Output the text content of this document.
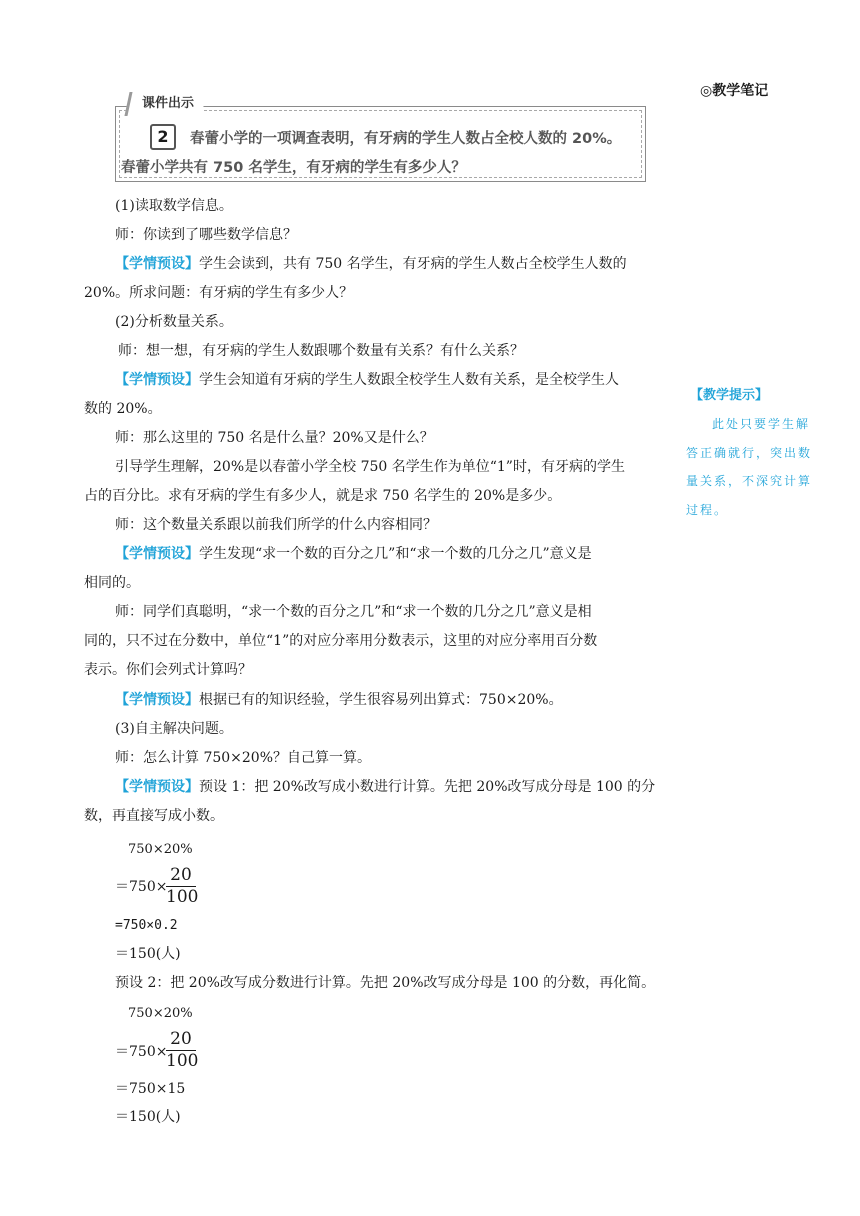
◎教学笔记
课件出示
2	春蕾小学的一项调查表明，有牙病的学生人数占全校人数的 20%。
春蕾小学共有 750 名学生，有牙病的学生有多少人？
(1)读取数学信息。
师：你读到了哪些数学信息？
【学情预设】学生会读到，共有 750 名学生，有牙病的学生人数占全校学生人数的
20%。所求问题：有牙病的学生有多少人？
(2)分析数量关系。
师：想一想，有牙病的学生人数跟哪个数量有关系？有什么关系？
【学情预设】学生会知道有牙病的学生人数跟全校学生人数有关系，是全校学生人
数的 20%。
师：那么这里的 750 名是什么量？20%又是什么？
引导学生理解，20%是以春蕾小学全校 750 名学生作为单位“1”时，有牙病的学生
占的百分比。求有牙病的学生有多少人，就是求 750 名学生的 20%是多少。
师：这个数量关系跟以前我们所学的什么内容相同？
【学情预设】学生发现“求一个数的百分之几”和“求一个数的几分之几”意义是
相同的。
师：同学们真聪明，“求一个数的百分之几”和“求一个数的几分之几”意义是相
同的，只不过在分数中，单位“1”的对应分率用分数表示，这里的对应分率用百分数
表示。你们会列式计算吗？
【学情预设】根据已有的知识经验，学生很容易列出算式：750×20%。
(3)自主解决问题。
师：怎么计算 750×20%？自己算一算。
【学情预设】预设 1：把 20%改写成小数进行计算。先把 20%改写成分母是 100 的分
数，再直接写成小数。
750×20%
＝750×
20
100
=750×0.2
＝150(人)
预设 2：把 20%改写成分数进行计算。先把 20%改写成分母是 100 的分数，再化简。
750×20%
＝750×
20
100
＝750×15
＝150(人)
【教学提示】
此处只要学生解
答正确就行，突出数
量关系，不深究计算
过程。
